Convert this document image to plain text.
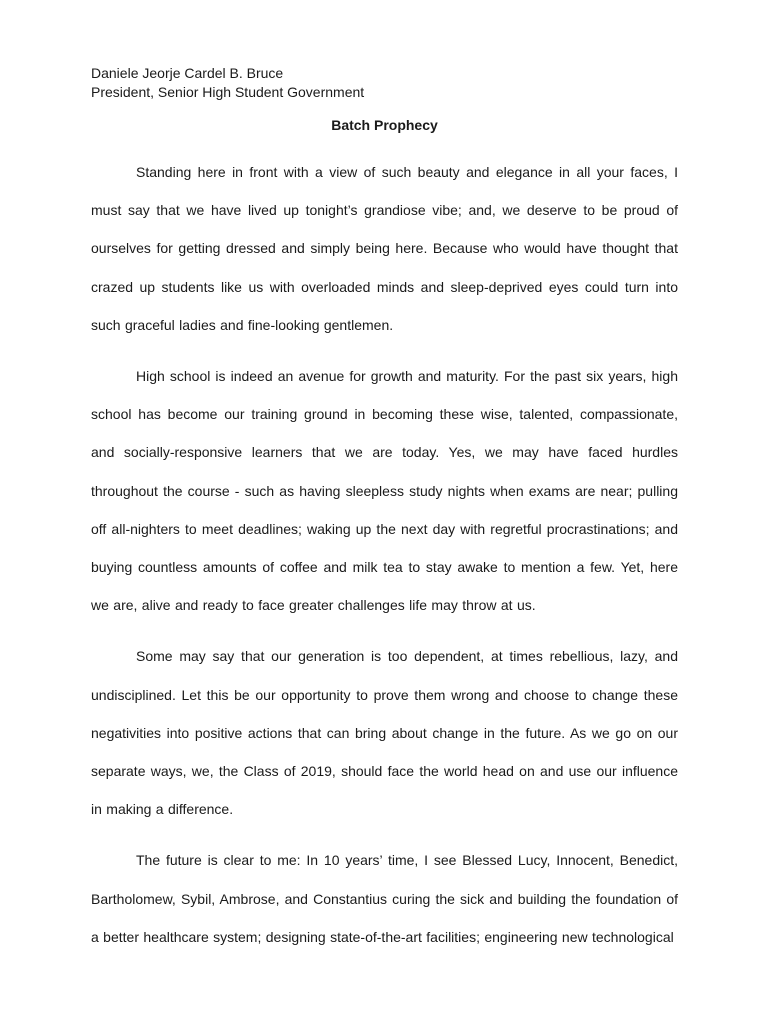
Daniele Jeorje Cardel B. Bruce
President, Senior High Student Government
Batch Prophecy

Standing here in front with a view of such beauty and elegance in all your faces, I must say that we have lived up tonight’s grandiose vibe; and, we deserve to be proud of ourselves for getting dressed and simply being here. Because who would have thought that crazed up students like us with overloaded minds and sleep-deprived eyes could turn into such graceful ladies and fine-looking gentlemen.

High school is indeed an avenue for growth and maturity. For the past six years, high school has become our training ground in becoming these wise, talented, compassionate, and socially-responsive learners that we are today. Yes, we may have faced hurdles throughout the course - such as having sleepless study nights when exams are near; pulling off all-nighters to meet deadlines; waking up the next day with regretful procrastinations; and buying countless amounts of coffee and milk tea to stay awake to mention a few. Yet, here we are, alive and ready to face greater challenges life may throw at us.

Some may say that our generation is too dependent, at times rebellious, lazy, and undisciplined. Let this be our opportunity to prove them wrong and choose to change these negativities into positive actions that can bring about change in the future. As we go on our separate ways, we, the Class of 2019, should face the world head on and use our influence in making a difference.

The future is clear to me: In 10 years’ time, I see Blessed Lucy, Innocent, Benedict, Bartholomew, Sybil, Ambrose, and Constantius curing the sick and building the foundation of a better healthcare system; designing state-of-the-art facilities; engineering new technological
